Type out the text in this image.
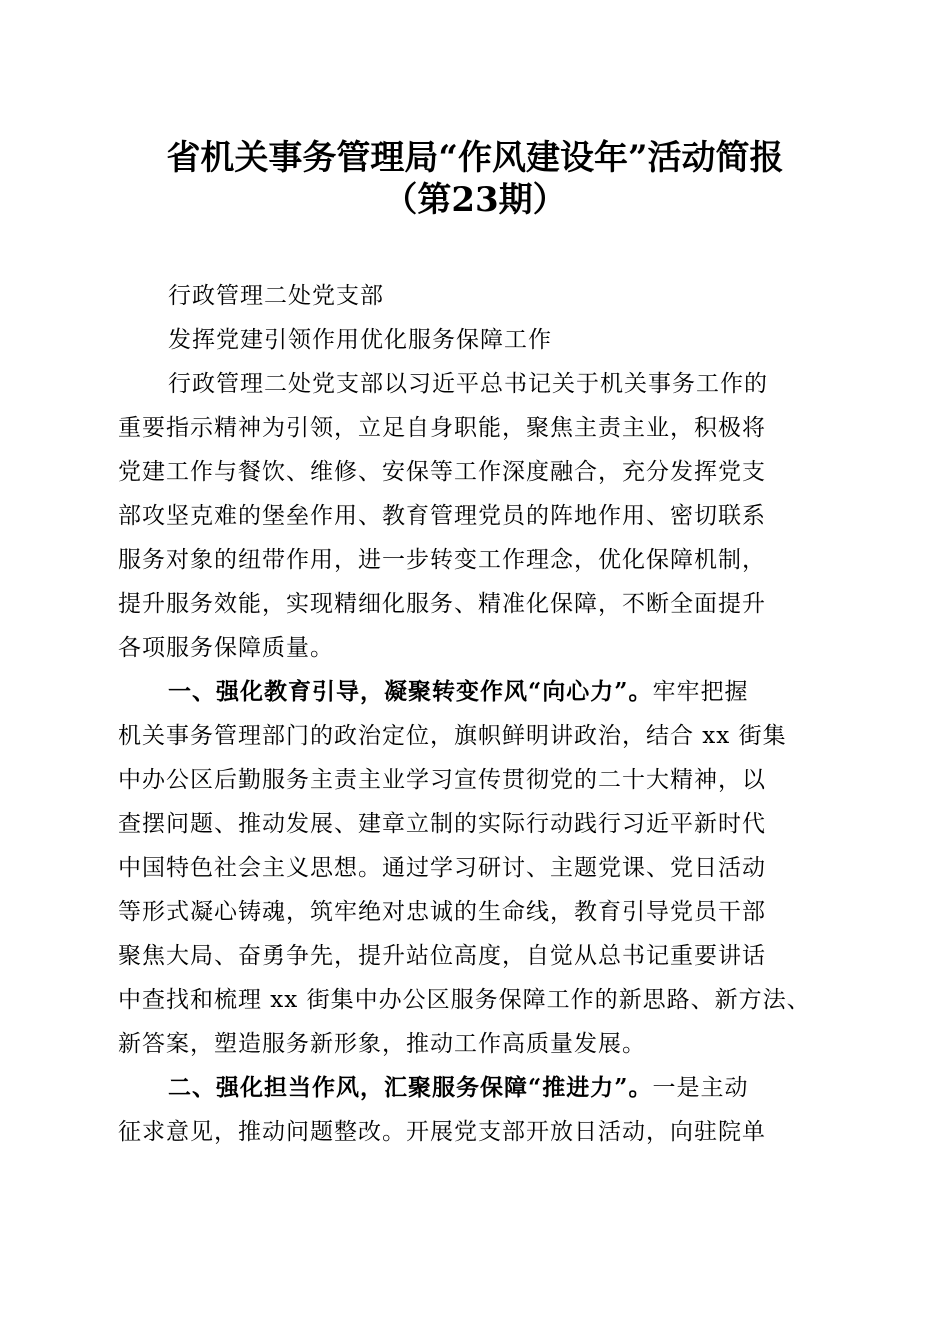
省机关事务管理局“作风建设年”活动简报
（第23期）
行政管理二处党支部
发挥党建引领作用优化服务保障工作
行政管理二处党支部以习近平总书记关于机关事务工作的
重要指示精神为引领，立足自身职能，聚焦主责主业，积极将
党建工作与餐饮、维修、安保等工作深度融合，充分发挥党支
部攻坚克难的堡垒作用、教育管理党员的阵地作用、密切联系
服务对象的纽带作用，进一步转变工作理念，优化保障机制，
提升服务效能，实现精细化服务、精准化保障，不断全面提升
各项服务保障质量。
一、强化教育引导，凝聚转变作风“向心力”。牢牢把握
机关事务管理部门的政治定位，旗帜鲜明讲政治，结合 xx 街集
中办公区后勤服务主责主业学习宣传贯彻党的二十大精神，以
查摆问题、推动发展、建章立制的实际行动践行习近平新时代
中国特色社会主义思想。通过学习研讨、主题党课、党日活动
等形式凝心铸魂，筑牢绝对忠诚的生命线，教育引导党员干部
聚焦大局、奋勇争先，提升站位高度，自觉从总书记重要讲话
中查找和梳理 xx 街集中办公区服务保障工作的新思路、新方法、
新答案，塑造服务新形象，推动工作高质量发展。
二、强化担当作风，汇聚服务保障“推进力”。一是主动
征求意见，推动问题整改。开展党支部开放日活动，向驻院单
